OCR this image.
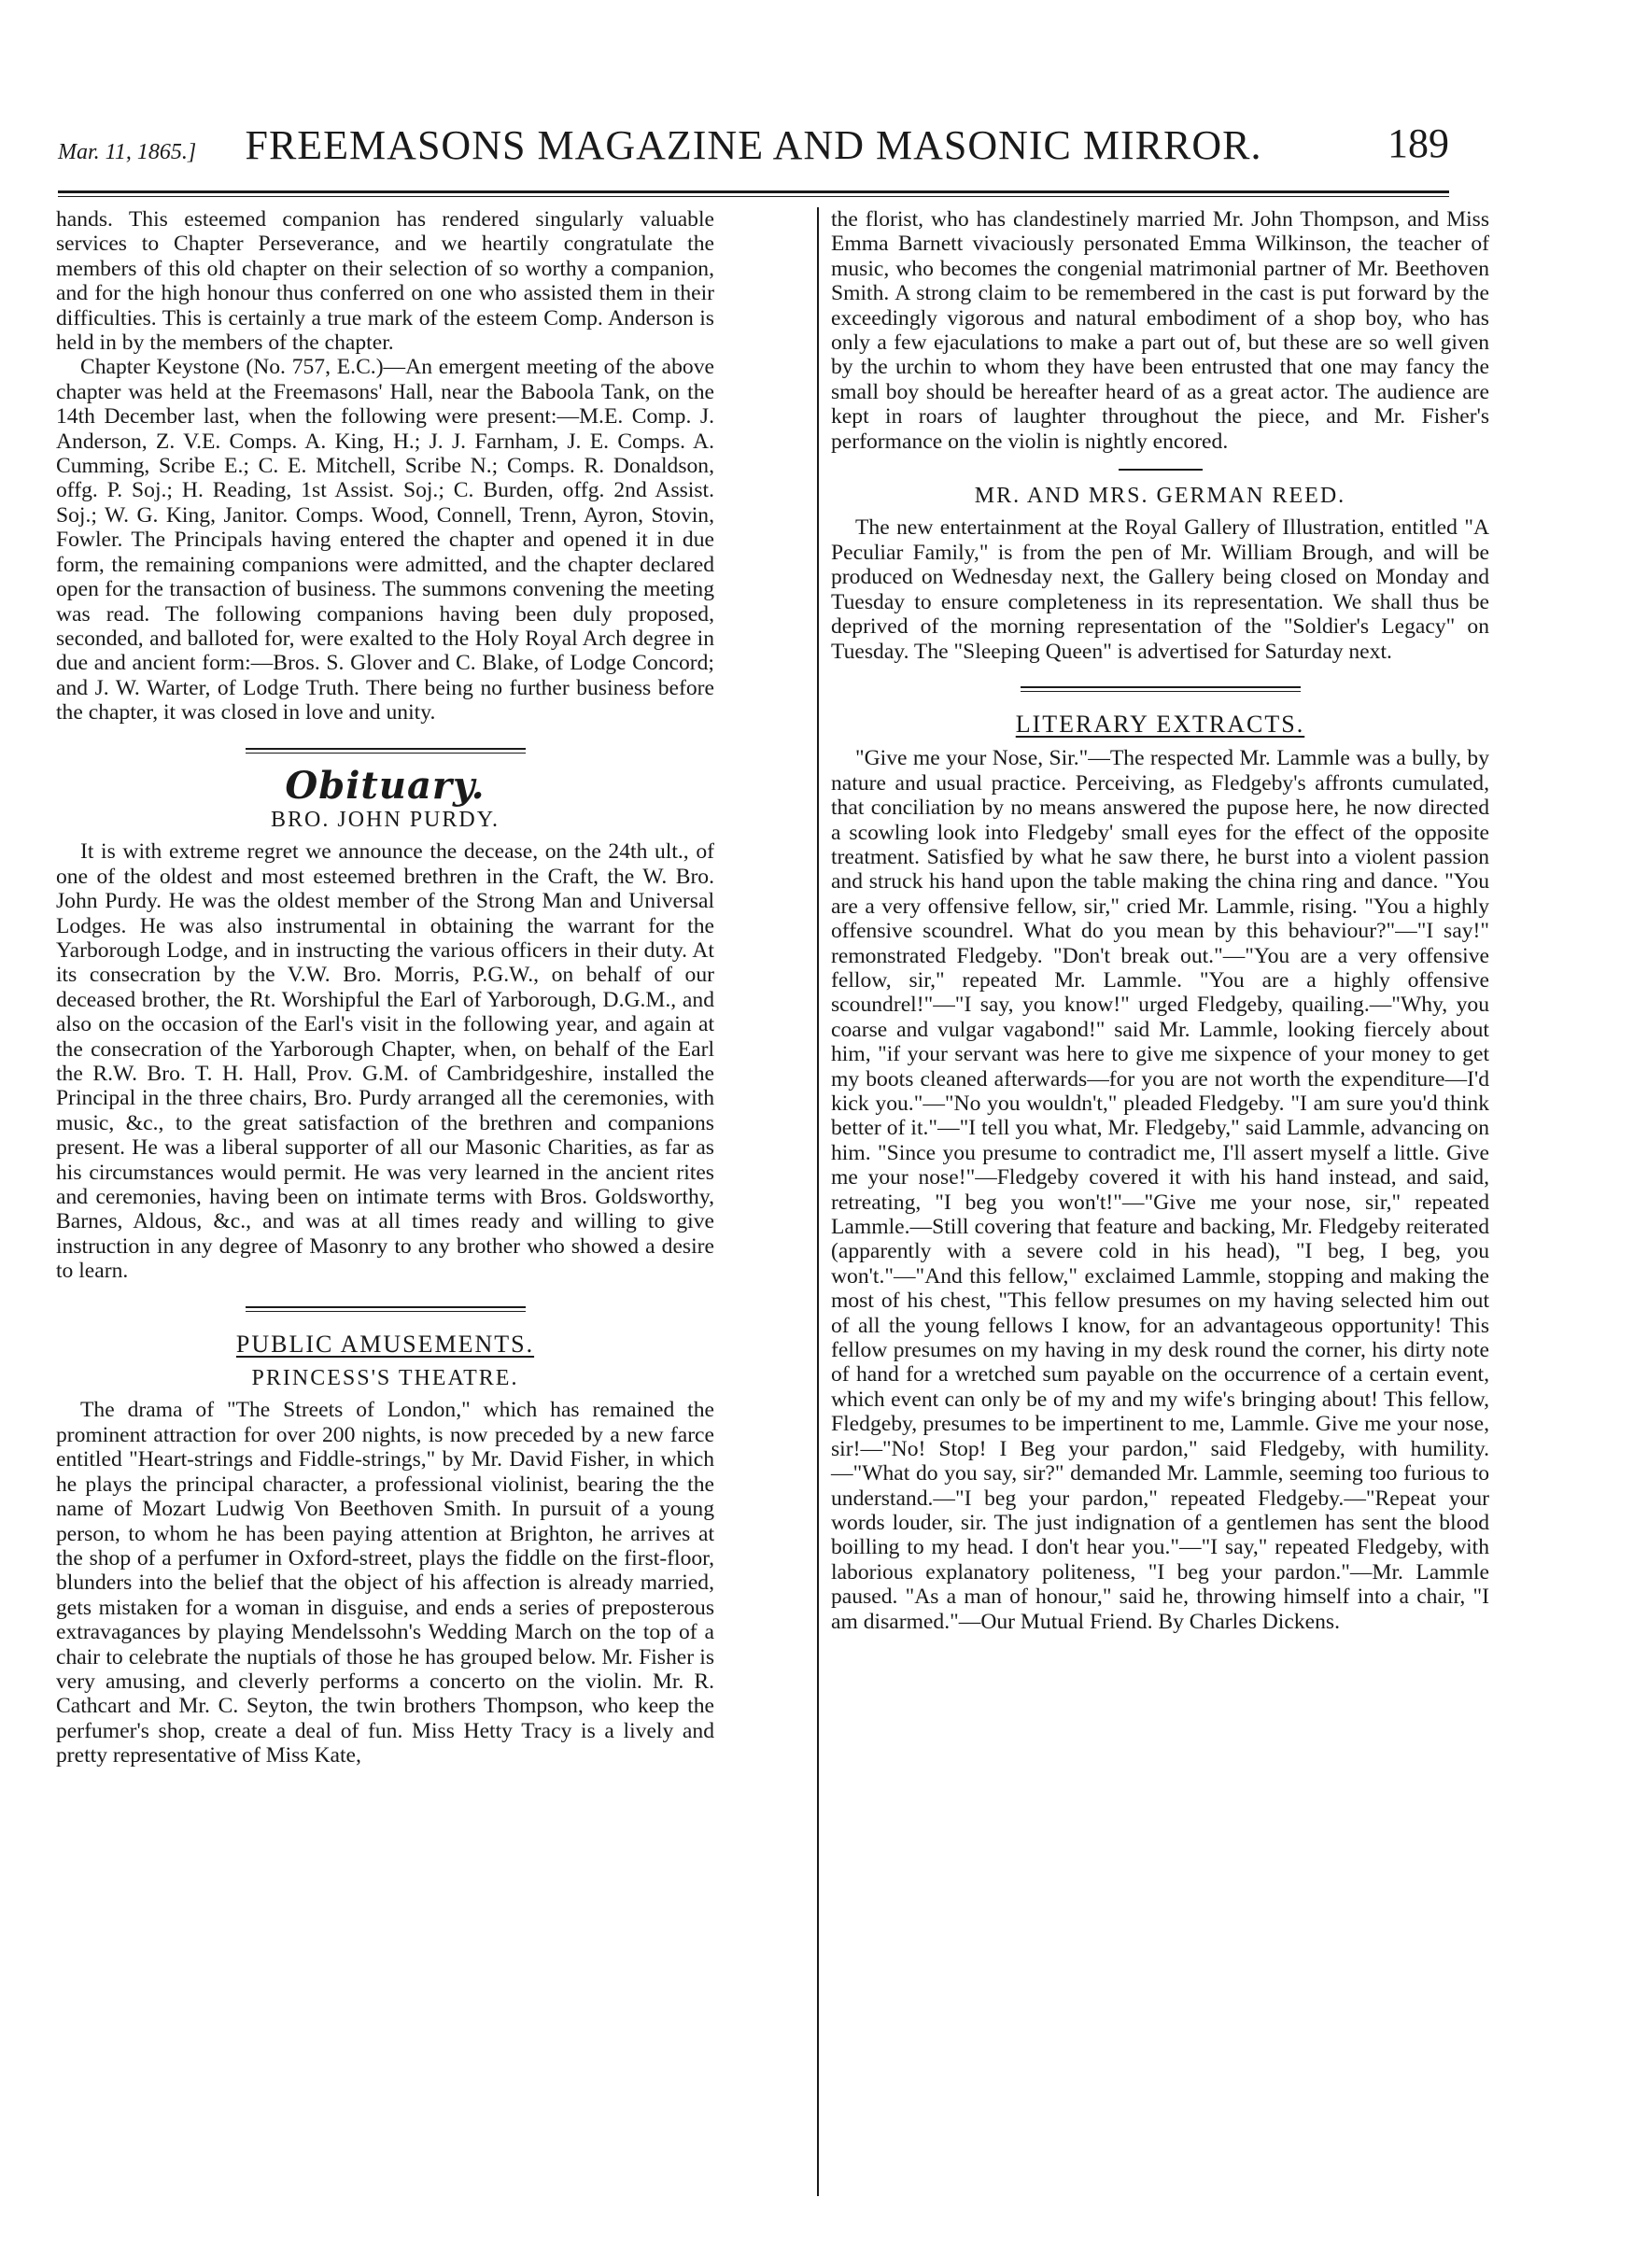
Mar. 11, 1865.] FREEMASONS MAGAZINE AND MASONIC MIRROR.	189

hands. This esteemed companion has rendered singularly valuable services to Chapter Perseverance, and we heartily congratulate the members of this old chapter on their selection of so worthy a companion, and for the high honour thus conferred on one who assisted them in their difficulties. This is certainly a true mark of the esteem Comp. Anderson is held in by the members of the chapter.

Chapter Keystone (No. 757, E.C.)—An emergent meeting of the above chapter was held at the Freemasons' Hall, near the Baboola Tank, on the 14th December last, when the following were present:—M.E. Comp. J. Anderson, Z. V.E. Comps. A. King, H.; J. J. Farnham, J. E. Comps. A. Cumming, Scribe E.; C. E. Mitchell, Scribe N.; Comps. R. Donaldson, offg. P. Soj.; H. Reading, 1st Assist. Soj.; C. Burden, offg. 2nd Assist. Soj.; W. G. King, Janitor. Comps. Wood, Connell, Trenn, Ayron, Stovin, Fowler. The Principals having entered the chapter and opened it in due form, the remaining companions were admitted, and the chapter declared open for the transaction of business. The summons convening the meeting was read. The following companions having been duly proposed, seconded, and balloted for, were exalted to the Holy Royal Arch degree in due and ancient form:—Bros. S. Glover and C. Blake, of Lodge Concord; and J. W. Warter, of Lodge Truth. There being no further business before the chapter, it was closed in love and unity.

Obituary.
BRO. JOHN PURDY.

It is with extreme regret we announce the decease, on the 24th ult., of one of the oldest and most esteemed brethren in the Craft, the W. Bro. John Purdy. He was the oldest member of the Strong Man and Universal Lodges. He was also instrumental in obtaining the warrant for the Yarborough Lodge, and in instructing the various officers in their duty. At its consecration by the V.W. Bro. Morris, P.G.W., on behalf of our deceased brother, the Rt. Worshipful the Earl of Yarborough, D.G.M., and also on the occasion of the Earl's visit in the following year, and again at the consecration of the Yarborough Chapter, when, on behalf of the Earl the R.W. Bro. T. H. Hall, Prov. G.M. of Cambridgeshire, installed the Principal in the three chairs, Bro. Purdy arranged all the ceremonies, with music, &c., to the great satisfaction of the brethren and companions present. He was a liberal supporter of all our Masonic Charities, as far as his circumstances would permit. He was very learned in the ancient rites and ceremonies, having been on intimate terms with Bros. Goldsworthy, Barnes, Aldous, &c., and was at all times ready and willing to give instruction in any degree of Masonry to any brother who showed a desire to learn.

PUBLIC AMUSEMENTS.
PRINCESS'S THEATRE.

The drama of "The Streets of London," which has remained the prominent attraction for over 200 nights, is now preceded by a new farce entitled "Heart-strings and Fiddle-strings," by Mr. David Fisher, in which he plays the principal character, a professional violinist, bearing the the name of Mozart Ludwig Von Beethoven Smith. In pursuit of a young person, to whom he has been paying attention at Brighton, he arrives at the shop of a perfumer in Oxford-street, plays the fiddle on the first-floor, blunders into the belief that the object of his affection is already married, gets mistaken for a woman in disguise, and ends a series of preposterous extravagances by playing Mendelssohn's Wedding March on the top of a chair to celebrate the nuptials of those he has grouped below. Mr. Fisher is very amusing, and cleverly performs a concerto on the violin. Mr. R. Cathcart and Mr. C. Seyton, the twin brothers Thompson, who keep the perfumer's shop, create a deal of fun. Miss Hetty Tracy is a lively and pretty representative of Miss Kate,

the florist, who has clandestinely married Mr. John Thompson, and Miss Emma Barnett vivaciously personated Emma Wilkinson, the teacher of music, who becomes the congenial matrimonial partner of Mr. Beethoven Smith. A strong claim to be remembered in the cast is put forward by the exceedingly vigorous and natural embodiment of a shop boy, who has only a few ejaculations to make a part out of, but these are so well given by the urchin to whom they have been entrusted that one may fancy the small boy should be hereafter heard of as a great actor. The audience are kept in roars of laughter throughout the piece, and Mr. Fisher's performance on the violin is nightly encored.

MR. AND MRS. GERMAN REED.

The new entertainment at the Royal Gallery of Illustration, entitled "A Peculiar Family," is from the pen of Mr. William Brough, and will be produced on Wednesday next, the Gallery being closed on Monday and Tuesday to ensure completeness in its representation. We shall thus be deprived of the morning representation of the "Soldier's Legacy" on Tuesday. The "Sleeping Queen" is advertised for Saturday next.

LITERARY EXTRACTS.

"Give me your Nose, Sir."—The respected Mr. Lammle was a bully, by nature and usual practice. Perceiving, as Fledgeby's affronts cumulated, that conciliation by no means answered the pupose here, he now directed a scowling look into Fledgeby' small eyes for the effect of the opposite treatment. Satisfied by what he saw there, he burst into a violent passion and struck his hand upon the table making the china ring and dance. "You are a very offensive fellow, sir," cried Mr. Lammle, rising. "You a highly offensive scoundrel. What do you mean by this behaviour?"—"I say!" remonstrated Fledgeby. "Don't break out."—"You are a very offensive fellow, sir," repeated Mr. Lammle. "You are a highly offensive scoundrel!"—"I say, you know!" urged Fledgeby, quailing.—"Why, you coarse and vulgar vagabond!" said Mr. Lammle, looking fiercely about him, "if your servant was here to give me sixpence of your money to get my boots cleaned afterwards—for you are not worth the expenditure—I'd kick you."—"No you wouldn't," pleaded Fledgeby. "I am sure you'd think better of it."—"I tell you what, Mr. Fledgeby," said Lammle, advancing on him. "Since you presume to contradict me, I'll assert myself a little. Give me your nose!"—Fledgeby covered it with his hand instead, and said, retreating, "I beg you won't!"—"Give me your nose, sir," repeated Lammle.—Still covering that feature and backing, Mr. Fledgeby reiterated (apparently with a severe cold in his head), "I beg, I beg, you won't."—"And this fellow," exclaimed Lammle, stopping and making the most of his chest, "This fellow presumes on my having selected him out of all the young fellows I know, for an advantageous opportunity! This fellow presumes on my having in my desk round the corner, his dirty note of hand for a wretched sum payable on the occurrence of a certain event, which event can only be of my and my wife's bringing about! This fellow, Fledgeby, presumes to be impertinent to me, Lammle. Give me your nose, sir!—"No! Stop! I Beg your pardon," said Fledgeby, with humility.—"What do you say, sir?" demanded Mr. Lammle, seeming too furious to understand.—"I beg your pardon," repeated Fledgeby.—"Repeat your words louder, sir. The just indignation of a gentlemen has sent the blood boilling to my head. I don't hear you."—"I say," repeated Fledgeby, with laborious explanatory politeness, "I beg your pardon."—Mr. Lammle paused. "As a man of honour," said he, throwing himself into a chair, "I am disarmed."—Our Mutual Friend. By Charles Dickens.
